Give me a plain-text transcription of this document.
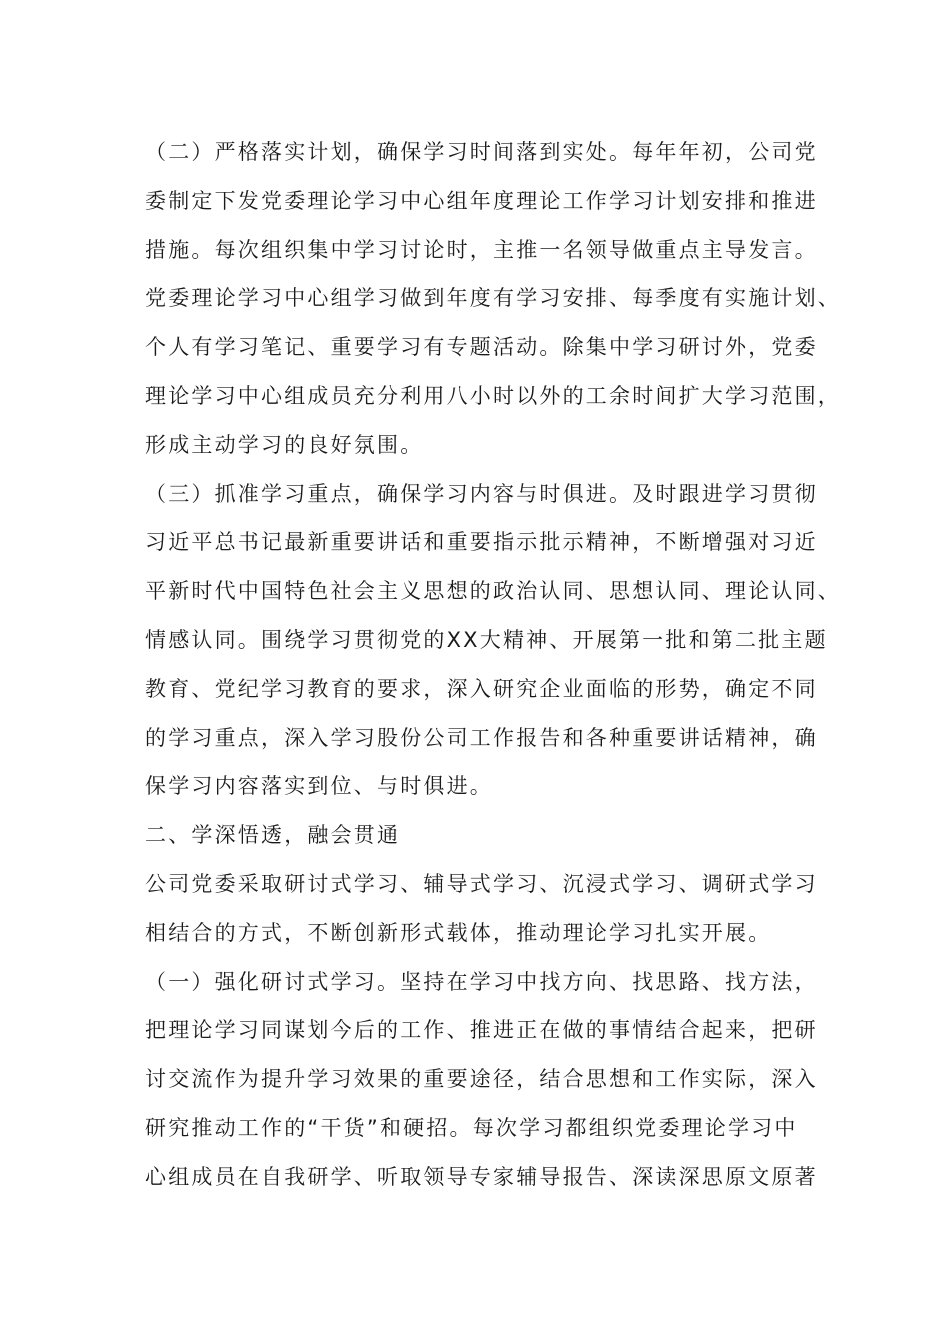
（二）严格落实计划，确保学习时间落到实处。每年年初，公司党
委制定下发党委理论学习中心组年度理论工作学习计划安排和推进
措施。每次组织集中学习讨论时，主推一名领导做重点主导发言。
党委理论学习中心组学习做到年度有学习安排、每季度有实施计划、
个人有学习笔记、重要学习有专题活动。除集中学习研讨外，党委
理论学习中心组成员充分利用八小时以外的工余时间扩大学习范围，
形成主动学习的良好氛围。
（三）抓准学习重点，确保学习内容与时俱进。及时跟进学习贯彻
习近平总书记最新重要讲话和重要指示批示精神，不断增强对习近
平新时代中国特色社会主义思想的政治认同、思想认同、理论认同、
情感认同。围绕学习贯彻党的XX大精神、开展第一批和第二批主题
教育、党纪学习教育的要求，深入研究企业面临的形势，确定不同
的学习重点，深入学习股份公司工作报告和各种重要讲话精神，确
保学习内容落实到位、与时俱进。
二、学深悟透，融会贯通
公司党委采取研讨式学习、辅导式学习、沉浸式学习、调研式学习
相结合的方式，不断创新形式载体，推动理论学习扎实开展。
（一）强化研讨式学习。坚持在学习中找方向、找思路、找方法，
把理论学习同谋划今后的工作、推进正在做的事情结合起来，把研
讨交流作为提升学习效果的重要途径，结合思想和工作实际，深入
研究推动工作的“干货”和硬招。每次学习都组织党委理论学习中
心组成员在自我研学、听取领导专家辅导报告、深读深思原文原著
